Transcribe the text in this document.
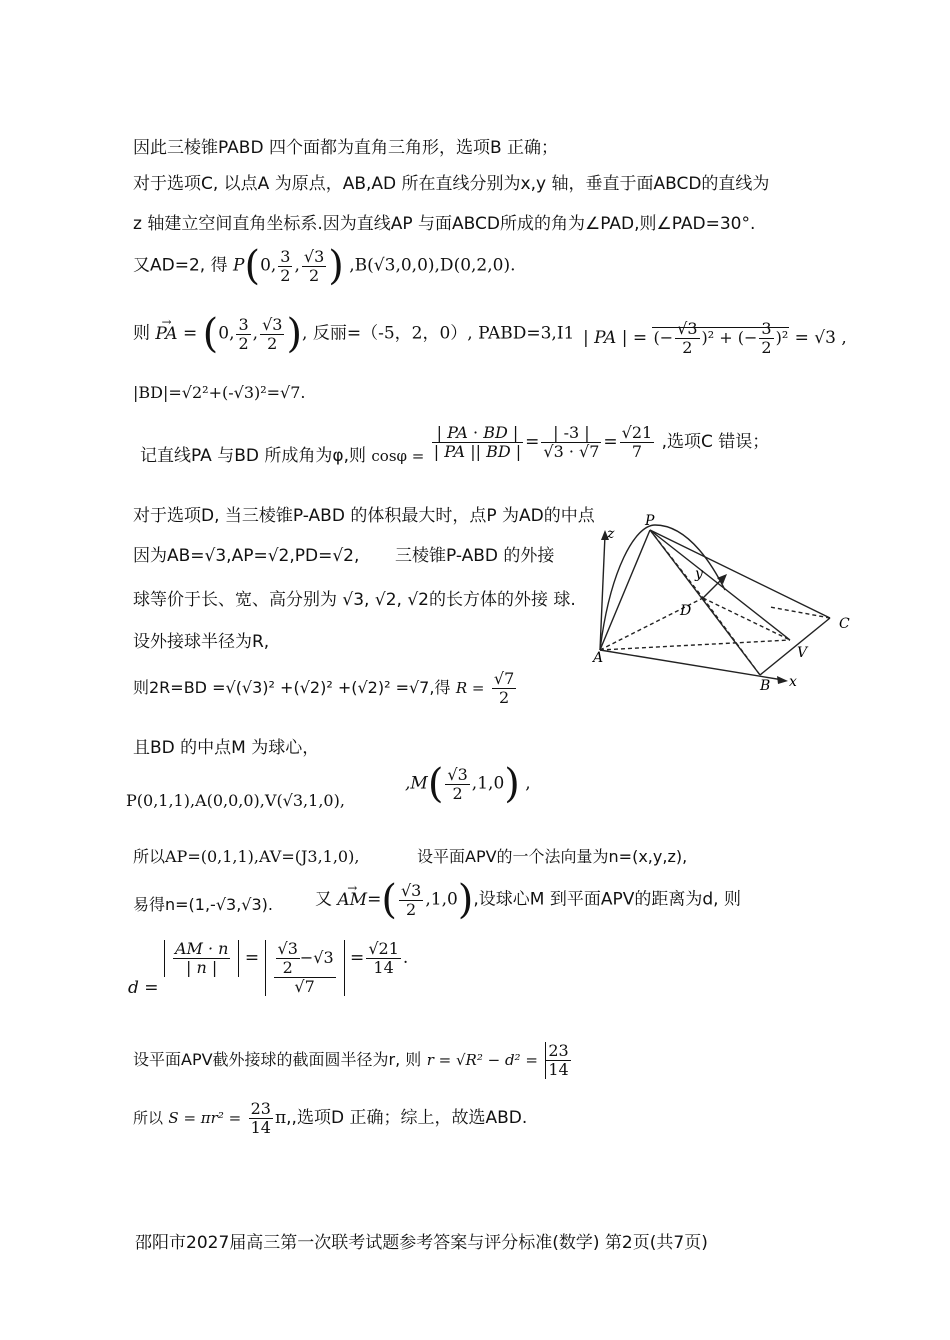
因此三棱锥PABD 四个面都为直角三角形，选项B 正确；
对于选项C, 以点A 为原点，AB,AD 所在直线分别为x,y 轴，垂直于面ABCD的直线为
z 轴建立空间直角坐标系.因为直线AP 与面ABCD所成的角为∠PAD,则∠PAD=30°.
又AD=2, 得 P(0, $\frac{3}{2}$ , $\frac{√3}{2}$ ) ,B(√3,0,0),D(0,2,0).
则 → PA = (0, $\frac{3}{2}$ , $\frac{√3}{2}$ ), 反丽=（-5，2，0）, PABD=3,I1 | PA | = (− $\frac{√3}{2} )^2$ + (− $\frac{3}{2} )^2 = √3$ ,
|BD|=√2²+(-√3)²=√7.
记直线PA 与BD 所成角为φ,则 $\cos\varphi = \frac{| PA \cdot BD |}{| PA || BD |} = \frac{| -3 |}{√3 \cdot √7} = \frac{√21}{7}$ ,选项C 错误；
对于选项D, 当三棱锥P-ABD 的体积最大时，点P 为AD的中点
因为AB=√3,AP=√2,PD=√2, 三棱锥P-ABD 的外接
球等价于长、宽、高分别为 √3, √2, √2的长方体的外接 球.
设外接球半径为R,
则2R=BD =√(√3)² +(√2)² +(√2)² =√7,得 $R = \frac{√7}{2}$
且BD 的中点M 为球心，
P(0,1,1),A(0,0,0),V(√3,1,0),
$,M( \frac{√3}{2} ,1,0)$ ,
所以AP=(0,1,1),AV=(J3,1,0),	设平面APV的一个法向量为n=(x,y,z),
易得n=(1,-√3,√3). 又 → $AM=( \frac{√3}{2} ,1,0)$,设球心M 到平面APV的距离为d, 则
d =
$\frac{AM \cdot n}{| n |} = \frac{\frac{√3}{2} -√3}{√7} = \frac{√21}{14}$ .
设平面APV截外接球的截面圆半径为r, 则 $r = √R^2 - d^2 = \frac{23}{14}$
所以 $S = \pi r^2 = \frac{23}{14} \pi$,,选项D 正确；综上，故选ABD.
z
P
A
B x
C
D
V
y
邵阳市2027届高三第一次联考试题参考答案与评分标准(数学) 第2页(共7页)
